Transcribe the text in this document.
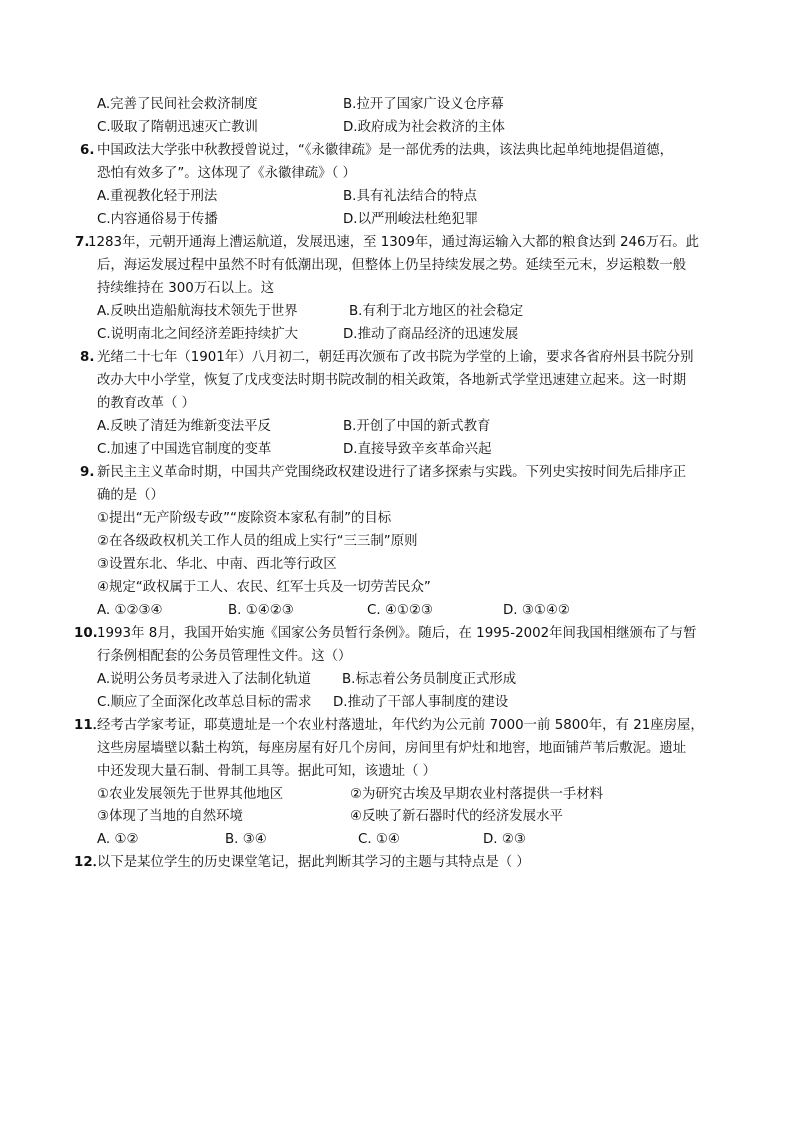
A.完善了民间社会救济制度	B.拉开了国家广设义仓序幕
C.吸取了隋朝迅速灭亡教训	D.政府成为社会救济的主体
6. 中国政法大学张中秋教授曾说过，“《永徽律疏》是一部优秀的法典，该法典比起单纯地提倡道德，
恐怕有效多了”。这体现了《永徽律疏》（ ）
A.重视教化轻于刑法	B.具有礼法结合的特点
C.内容通俗易于传播	D.以严刑峻法杜绝犯罪
7.
1283年，元朝开通海上漕运航道，发展迅速，至 1309年，通过海运输入大都的粮食达到 246万石。此
后，海运发展过程中虽然不时有低潮出现，但整体上仍呈持续发展之势。延续至元末，岁运粮数一般
持续维持在 300万石以上。这
A.反映出造船航海技术领先于世界	B.有利于北方地区的社会稳定
C.说明南北之间经济差距持续扩大	D.推动了商品经济的迅速发展
8. 光绪二十七年（1901年）八月初二，朝廷再次颁布了改书院为学堂的上谕，要求各省府州县书院分别
改办大中小学堂，恢复了戊戌变法时期书院改制的相关政策，各地新式学堂迅速建立起来。这一时期
的教育改革（ ）
A.反映了清廷为维新变法平反	B.开创了中国的新式教育
C.加速了中国选官制度的变革	D.直接导致辛亥革命兴起
9. 新民主主义革命时期，中国共产党围绕政权建设进行了诸多探索与实践。下列史实按时间先后排序正
确的是（）
①提出“无产阶级专政”“废除资本家私有制”的目标
②在各级政权机关工作人员的组成上实行“三三制”原则
③设置东北、华北、中南、西北等行政区
④规定“政权属于工人、农民、红军士兵及一切劳苦民众”
A. ①②③④	B. ①④②③	C. ④①②③	D. ③①④②
10. 1993年 8月，我国开始实施《国家公务员暂行条例》。随后，在 1995-2002年间我国相继颁布了与暂
行条例相配套的公务员管理性文件。这（）
A.说明公务员考录进入了法制化轨道 B.标志着公务员制度正式形成
C.顺应了全面深化改革总目标的需求 D.推动了干部人事制度的建设
11．
经考古学家考证，耶莫遗址是一个农业村落遗址，年代约为公元前 7000一前 5800年，有 21座房屋，
这些房屋墙壁以黏土构筑，每座房屋有好几个房间，房间里有炉灶和地窖，地面铺芦苇后敷泥。遗址
中还发现大量石制、骨制工具等。据此可知，该遗址（ ）
①农业发展领先于世界其他地区	②为研究古埃及早期农业村落提供一手材料
③体现了当地的自然环境	④反映了新石器时代的经济发展水平
A. ①②	B. ③④	C. ①④	D. ②③
12．
以下是某位学生的历史课堂笔记，据此判断其学习的主题与其特点是（ ）
